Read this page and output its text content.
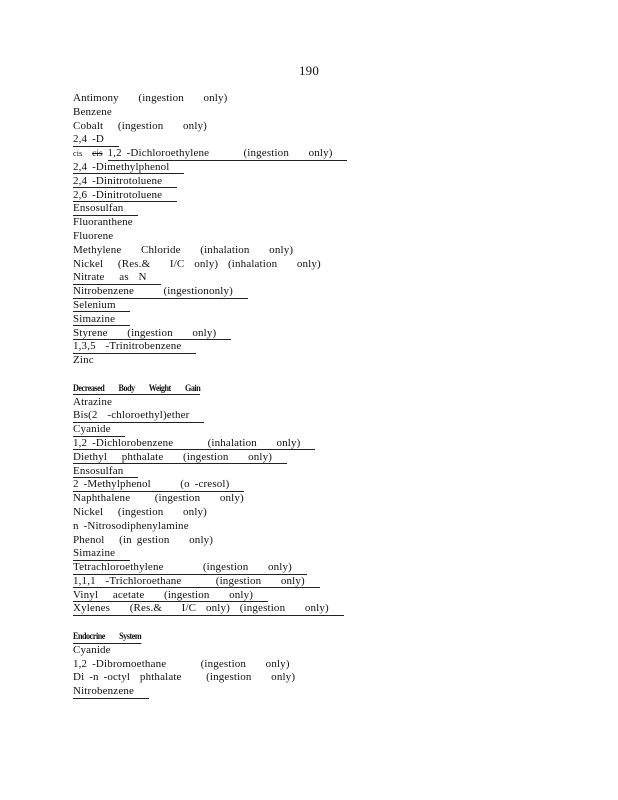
190
Antimony    (ingestion    only)
Benzene
Cobalt   (ingestion    only)
2,4 -D
cis cis 1,2 -Dichloroethylene       (ingestion    only)
2,4 -Dimethylphenol
2,4 -Dinitrotoluene
2,6 -Dinitrotoluene
Ensosulfan
Fluoranthene
Fluorene
Methylene    Chloride    (inhalation    only)
Nickel   (Res.&    I/C  only)  (inhalation    only)
Nitrate   as  N
Nitrobenzene      (ingestiononly)
Selenium
Simazine
Styrene    (ingestion    only)
1,3,5  -Trinitrobenzene
Zinc
Decreased Body Weight Gain
Atrazine
Bis(2  -chloroethyl)ether
Cyanide
1,2 -Dichlorobenzene       (inhalation    only)
Diethyl   phthalate    (ingestion    only)
Ensosulfan
2 -Methylphenol      (o -cresol)
Naphthalene     (ingestion    only)
Nickel   (ingestion    only)
n -Nitrosodiphenylamine
Phenol   (in gestion    only)
Simazine
Tetrachloroethylene        (ingestion    only)
1,1,1  -Trichloroethane       (ingestion    only)
Vinyl   acetate    (ingestion    only)
Xylenes    (Res.&    I/C  only)  (ingestion    only)
Endocrine System
Cyanide
1,2 -Dibromoethane       (ingestion    only)
Di -n -octyl  phthalate     (ingestion    only)
Nitrobenzene
